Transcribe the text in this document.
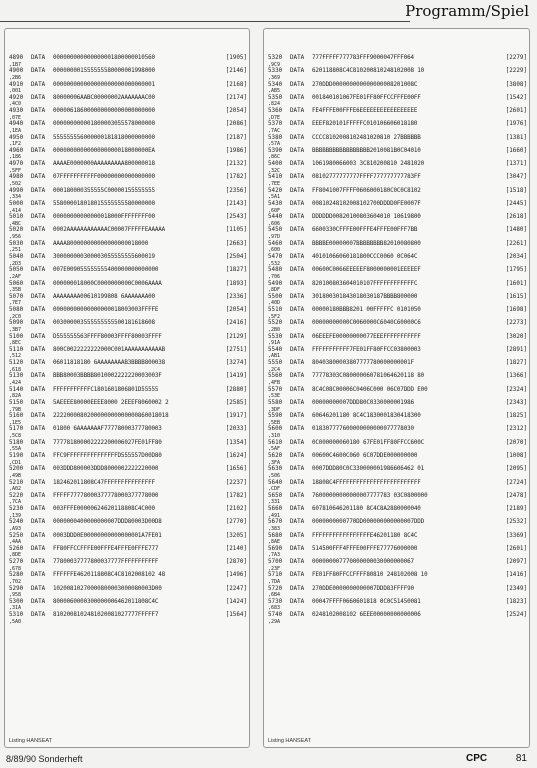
Programm/Spiel
4890
,1B7
DATA 000000000000000001800000010560	[1905]
4900
,2B6
DATA 000000001555555580000001998000	[2146]
4910
,001
DATA 000000000000000000000000000001	[2168]
4920
,4C0
DATA 80000006AABC00000002AAAAAAAC00	[2174]
4930
,07E
DATA 000006186000000000000000000000	[2054]
4940
,1EA
DATA 000000000001800003055578000000	[2086]
4950
,1F2
DATA 555555556000000181818000000000	[2187]
4960
,186
DATA 0000000000000000000018000000EA	[1986]
4970
,5FF
DATA AAAAE0000000AAAAAAAAA800000018	[2132]
4980
,502
DATA 07FFFFFFFFFFF00000000000000000	[1782]
4990
,334
DATA 000180000355555C00000155555555	[2356]
5000
,414
DATA 558000018018015555555580000000	[2143]
5010
,4BC
DATA 00000000000000018000FFFFFFFF00	[2543]
5020
,956
DATA 0002AAAAAAAAAAAAC00007FFFFFEAAAAA	[1105]
5030
,251
DATA AAAA800000000000000000018000	[2663]
5040
,2D3
DATA 300000000300003055555555600019	[2504]
5050
,2AF
DATA 007E009055555555400000000000000	[1827]
5060
,35B
DATA 000000018000C0000000000C0006AAAA	[1893]
5070
,7E7
DATA AAAAAAAA00610199808 6AAAAAAA00	[2336]
5080
,2C0
DATA 00000000000000000018003003FFFFE	[2054]
5090
,3B7
DATA 003000003555555555500181618608	[2416]
5100
,8EC
DATA D555555563FFFF80003FFFF80003FFFF	[2129]
5110
,512
DATA 800C0022222222000C001AAAAAAAAAAAB	[2751]
5120
,618
DATA 06011818180 6AAAAAAAAB3BBBB800038	[3274]
5130
,424
DATA BBB80003BBBB8010002222220003003F	[1419]
5140
,82A
DATA FFFFFFFFFFFC1801601806801D55555	[2880]
5150
,79B
DATA 5AEEEE80000EEEE8000 2EEEF8060002 2	[2585]
5160
,1E5
DATA 2222000080200000000000000860018018	[1917]
5170
,5C8
DATA 01800 6AAAAAAAF77778000377780003	[2033]
5180
,55A
DATA 777781800002222200006027FE01FF80	[1354]
5190
,CD1
DATA FFC9FFFFFFFFFFFFFFFD555557D00D80	[1624]
5200
,49B
DATA 003DDD800003DDD8000002222220000	[1656]
5210
,A02
DATA 182462011808C47FFFFFFFFFFFFFFF	[2237]
5220
,7CA
DATA FFFFF77778000377778000377778000	[1782]
5230
,139
DATA 003FFFE00000624620118808C4C000	[2102]
5240
,A93
DATA 0000000400000000007DDD80003D00D8	[2770]
5250
,4AA
DATA 0003DDD0E00000000000000001A7FE01	[3205]
5260
,8DE
DATA FF80FFCCFFFE00FFFE4FFFE0FFFE777	[2140]
5270
,678
DATA 77800037777800037777FFFFFFFFFFF	[2870]
5280
,702
DATA FFFFFFE4620118808C4C8102008102 48	[1496]
5290
,958
DATA 10200810270000800003000080003D00	[2247]
5300
,31A
DATA 8000060000300000006462011808C4C	[1424]
5310
,5A0
DATA 8102008102481020081027777FFFFF7	[1564]
Listing HANSEAT
5320
,9C9
DATA 777FFFFF777783FFF9000047FFF064	[2279]
5330
,369
DATA 620118808C4C810200810248102008 10	[2229]
5340
,AB5
DATA 270DDD000000000000000008201008C	[3808]
5350
,824
DATA 001840101067FE01FF80FFCCFFFE00FF	[1542]
5360
,D7E
DATA FE4FFFE00FFFE6EEEEEEEEEEEEEEEEE	[2601]
5370
,7AC
DATA EEEF820101FFFFFC010106606018180	[1976]
5380
,57A
DATA CCCC8102008102481020810 27BBBBBB	[1381]
5390
,86C
DATA BBBBBBBBBBBBBBBBB2010081B0C04010	[1660]
5400
,32C
DATA 1061980066003 3C810200810 2481020	[1371]
5410
,7EE
DATA 08102777777777FFFF777777777783FF	[3047]
5420
,5A1
DATA FF8041007FFFF0606000180C0C0C8102	[1518]
5430
,60F
DATA 00810248102008102700DDDD0FE0007F	[2445]
5440
,606
DATA DDDDDD00820100803604010 10619800	[2618]
5450
,97D
DATA 6600330CFFFE00FFFE4FFFE00FFF7BB	[1480]
5460
,600
DATA BBBBE00000007BBBBBBBB82010080800	[2261]
5470
,532
DATA 40101066060181800CCC0060 0C064C	[2034]
5480
,706
DATA 00600C0066EEEEEF8000000001EEEEEF	[1795]
5490
,8DF
DATA 820100803604010107FFFFFFFFFFFFC	[1601]
5500
,40D
DATA 301800301843018030187BBBB800000	[1615]
5510
,5F2
DATA 00000180BBB8201 00FFFFFC 0101050	[1698]
5520
,2B0
DATA 00000000000C0060000C6040C60000C6	[2273]
5530
,91A
DATA 06EEEFE00000000077EEEFFFFFFFFFFF	[3020]
5540
,AB1
DATA FFFFFFFFFFF7FE01FF80FFCC03800003	[2891]
5550
,2C4
DATA 80403800003807777780000000001F	[1827]
5560
,4FB
DATA 77778303C080000060781064620118 80	[1366]
5570
,53E
DATA 8C4C08C00006C0406C000 06C07DDD E00	[2324]
5580
,3DF
DATA 00000000007DDD80C0330000001986	[2343]
5590
,5EB
DATA 60646201180 8C4C1830001830418300	[1825]
5600
,310
DATA 018307777600000000000077778030	[2312]
5610
,5AF
DATA 0C000000060180 67FE01FF80FFCC600C	[2070]
5620
,3FA
DATA 00600C4600C060 6C07DDE000000000	[1008]
5630
,506
DATA 0007DDD80C0C330000001986606462 01	[2095]
5640
,CDF
DATA 18808C4FFFFFFFFFFFFFFFFFFFFFFFFF	[2724]
5650
,331
DATA 76000000000000007777783 03C0800000	[2478]
5660
,491
DATA 607810646201180 8C4C8A2880000040	[2189]
5670
,383
DATA 0000000000770DD000000000000007DDD	[2532]
5680
,8AE
DATA FFFFFFFFFFFFFFFFFE46201180 8C4C	[3369]
5690
,7A3
DATA 514500FFF4FFFE00FFFE77776000000	[2601]
5700
,23F
DATA 000000007770000000030000000067	[2097]
5710
,7DA
DATA FE01FF80FFCCFFFF80810 248102008 10	[1416]
5720
,6B4
DATA 270DDE0000000000007DDD83FFFF90	[2349]
5730
,683
DATA 00047FFFF0660601818 0C0C51450081	[1823]
5740
,29A
DATA 0248102008102 6EEE00000000000006	[2524]
Listing HANSEAT
8/89/90 Sonderheft	CPC	81
